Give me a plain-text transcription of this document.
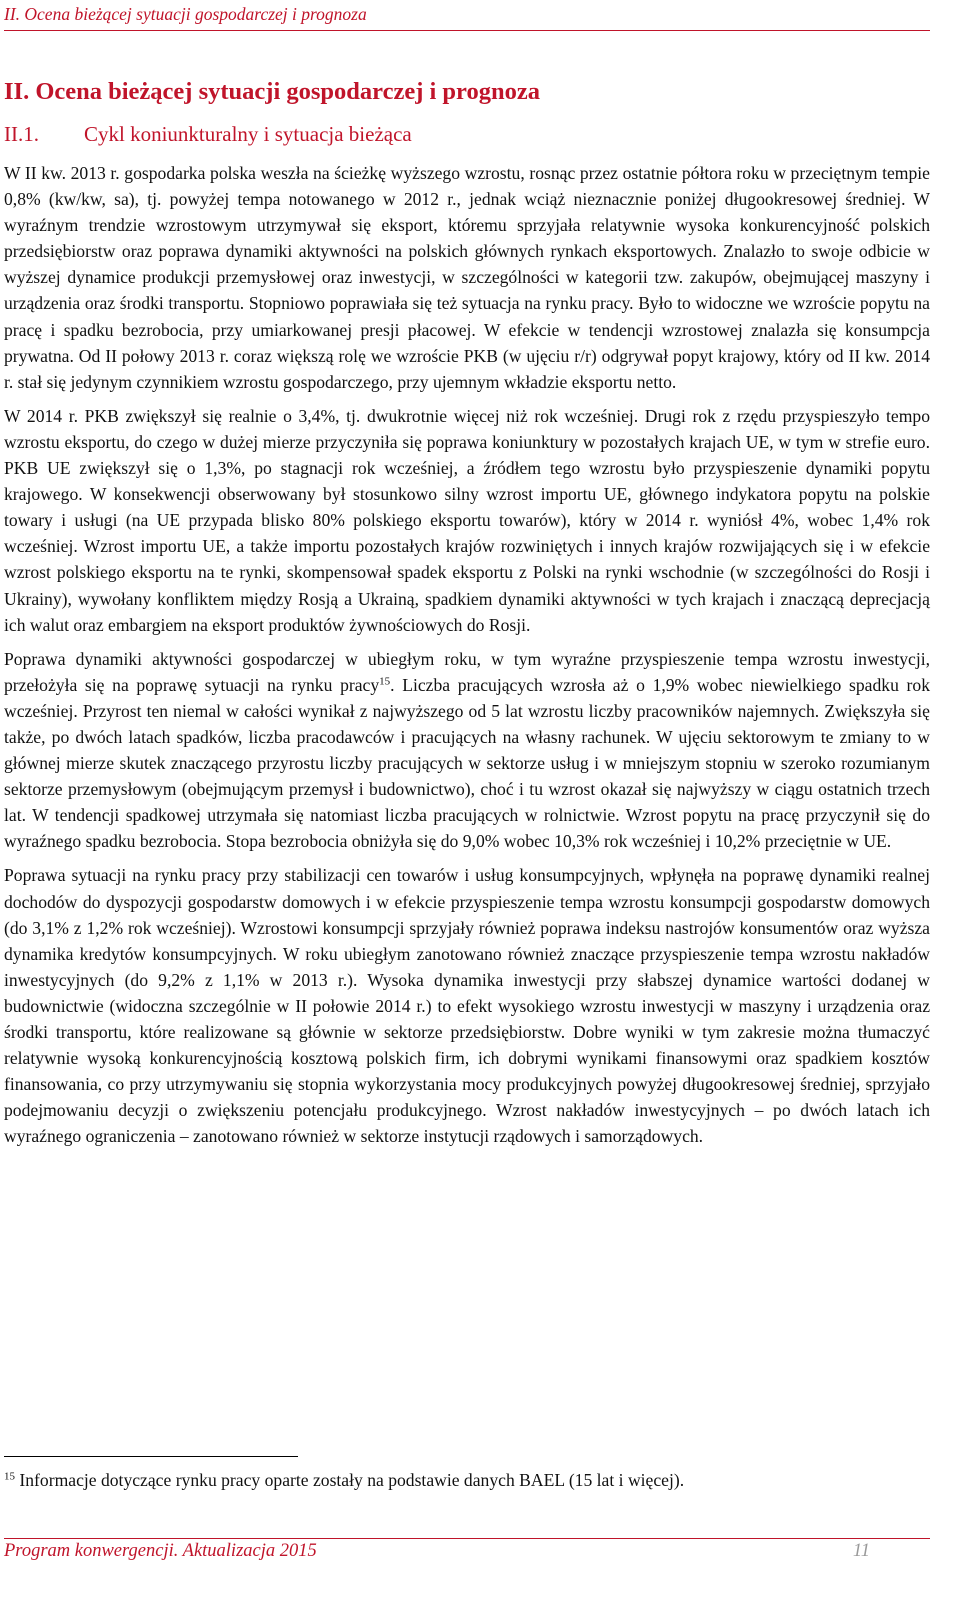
II. Ocena bieżącej sytuacji gospodarczej i prognoza
II. Ocena bieżącej sytuacji gospodarczej i prognoza
II.1. Cykl koniunkturalny i sytuacja bieżąca

W II kw. 2013 r. gospodarka polska weszła na ścieżkę wyższego wzrostu, rosnąc przez ostatnie półtora roku w przeciętnym tempie 0,8% (kw/kw, sa), tj. powyżej tempa notowanego w 2012 r., jednak wciąż nieznacznie poniżej długookresowej średniej. W wyraźnym trendzie wzrostowym utrzymywał się eksport, któremu sprzyjała relatywnie wysoka konkurencyjność polskich przedsiębiorstw oraz poprawa dynamiki aktywności na polskich głównych rynkach eksportowych. Znalazło to swoje odbicie w wyższej dynamice produkcji przemysłowej oraz inwestycji, w szczególności w kategorii tzw. zakupów, obejmującej maszyny i urządzenia oraz środki transportu. Stopniowo poprawiała się też sytuacja na rynku pracy. Było to widoczne we wzroście popytu na pracę i spadku bezrobocia, przy umiarkowanej presji płacowej. W efekcie w tendencji wzrostowej znalazła się konsumpcja prywatna. Od II połowy 2013 r. coraz większą rolę we wzroście PKB (w ujęciu r/r) odgrywał popyt krajowy, który od II kw. 2014 r. stał się jedynym czynnikiem wzrostu gospodarczego, przy ujemnym wkładzie eksportu netto.

W 2014 r. PKB zwiększył się realnie o 3,4%, tj. dwukrotnie więcej niż rok wcześniej. Drugi rok z rzędu przyspieszyło tempo wzrostu eksportu, do czego w dużej mierze przyczyniła się poprawa koniunktury w pozostałych krajach UE, w tym w strefie euro. PKB UE zwiększył się o 1,3%, po stagnacji rok wcześniej, a źródłem tego wzrostu było przyspieszenie dynamiki popytu krajowego. W konsekwencji obserwowany był stosunkowo silny wzrost importu UE, głównego indykatora popytu na polskie towary i usługi (na UE przypada blisko 80% polskiego eksportu towarów), który w 2014 r. wyniósł 4%, wobec 1,4% rok wcześniej. Wzrost importu UE, a także importu pozostałych krajów rozwiniętych i innych krajów rozwijających się i w efekcie wzrost polskiego eksportu na te rynki, skompensował spadek eksportu z Polski na rynki wschodnie (w szczególności do Rosji i Ukrainy), wywołany konfliktem między Rosją a Ukrainą, spadkiem dynamiki aktywności w tych krajach i znaczącą deprecjacją ich walut oraz embargiem na eksport produktów żywnościowych do Rosji.

Poprawa dynamiki aktywności gospodarczej w ubiegłym roku, w tym wyraźne przyspieszenie tempa wzrostu inwestycji, przełożyła się na poprawę sytuacji na rynku pracy$^{15}$. Liczba pracujących wzrosła aż o 1,9% wobec niewielkiego spadku rok wcześniej. Przyrost ten niemal w całości wynikał z najwyższego od 5 lat wzrostu liczby pracowników najemnych. Zwiększyła się także, po dwóch latach spadków, liczba pracodawców i pracujących na własny rachunek. W ujęciu sektorowym te zmiany to w głównej mierze skutek znaczącego przyrostu liczby pracujących w sektorze usług i w mniejszym stopniu w szeroko rozumianym sektorze przemysłowym (obejmującym przemysł i budownictwo), choć i tu wzrost okazał się najwyższy w ciągu ostatnich trzech lat. W tendencji spadkowej utrzymała się natomiast liczba pracujących w rolnictwie. Wzrost popytu na pracę przyczynił się do wyraźnego spadku bezrobocia. Stopa bezrobocia obniżyła się do 9,0% wobec 10,3% rok wcześniej i 10,2% przeciętnie w UE.

Poprawa sytuacji na rynku pracy przy stabilizacji cen towarów i usług konsumpcyjnych, wpłynęła na poprawę dynamiki realnej dochodów do dyspozycji gospodarstw domowych i w efekcie przyspieszenie tempa wzrostu konsumpcji gospodarstw domowych (do 3,1% z 1,2% rok wcześniej). Wzrostowi konsumpcji sprzyjały również poprawa indeksu nastrojów konsumentów oraz wyższa dynamika kredytów konsumpcyjnych. W roku ubiegłym zanotowano również znaczące przyspieszenie tempa wzrostu nakładów inwestycyjnych (do 9,2% z 1,1% w 2013 r.). Wysoka dynamika inwestycji przy słabszej dynamice wartości dodanej w budownictwie (widoczna szczególnie w II połowie 2014 r.) to efekt wysokiego wzrostu inwestycji w maszyny i urządzenia oraz środki transportu, które realizowane są głównie w sektorze przedsiębiorstw. Dobre wyniki w tym zakresie można tłumaczyć relatywnie wysoką konkurencyjnością kosztową polskich firm, ich dobrymi wynikami finansowymi oraz spadkiem kosztów finansowania, co przy utrzymywaniu się stopnia wykorzystania mocy produkcyjnych powyżej długookresowej średniej, sprzyjało podejmowaniu decyzji o zwiększeniu potencjału produkcyjnego. Wzrost nakładów inwestycyjnych – po dwóch latach ich wyraźnego ograniczenia – zanotowano również w sektorze instytucji rządowych i samorządowych.

$^{15}$ Informacje dotyczące rynku pracy oparte zostały na podstawie danych BAEL (15 lat i więcej).
Program konwergencji. Aktualizacja 2015	11
